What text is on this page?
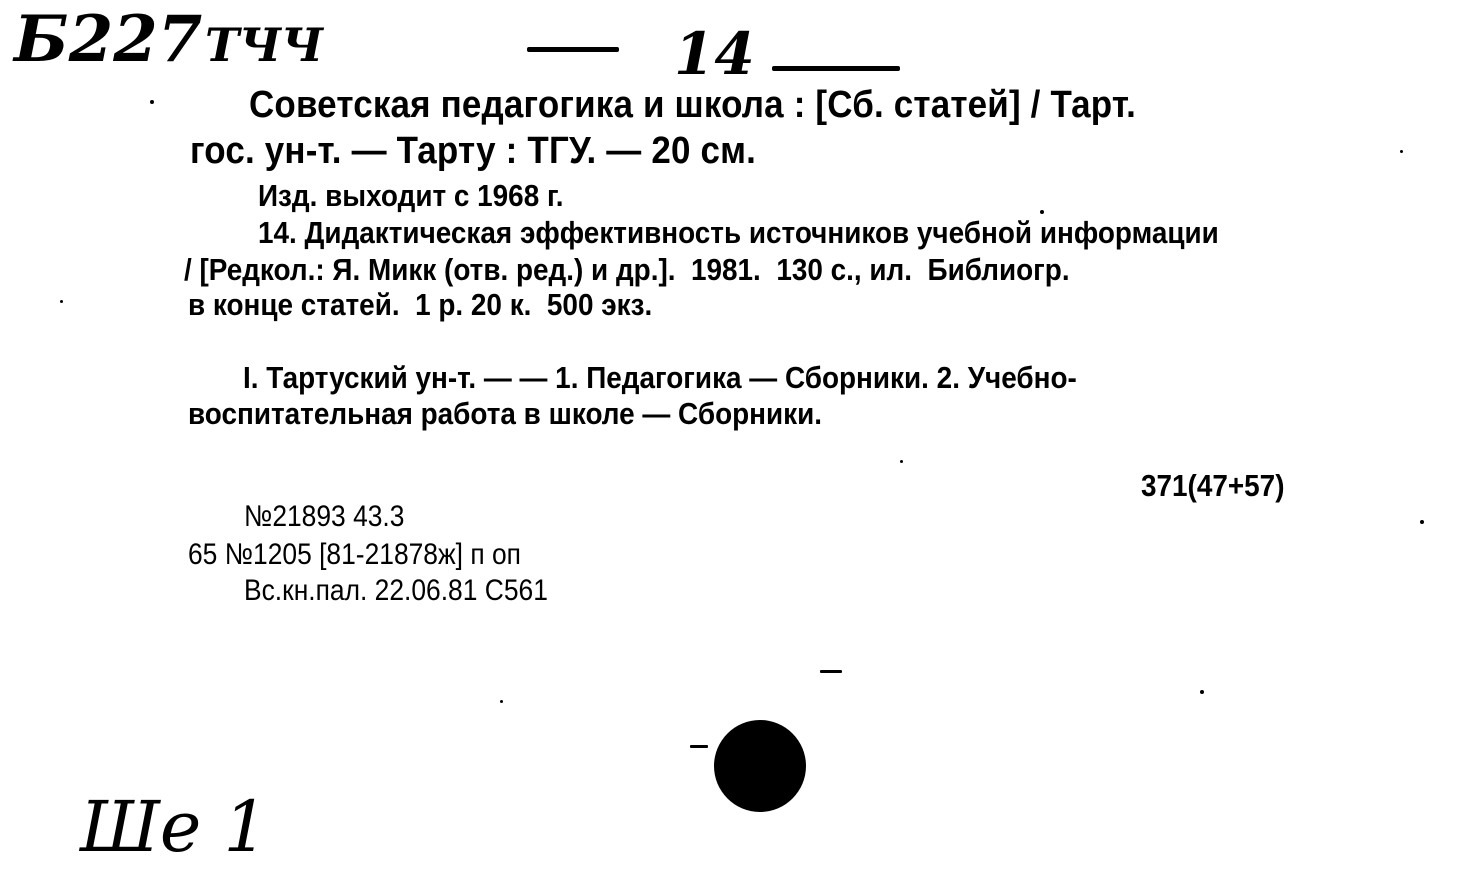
Б227 ТЧЧ	14
Советская педагогика и школа : [Сб. статей] / Тарт.
гос. ун-т. — Тарту : ТГУ. — 20 см.
Изд. выходит с 1968 г.
14. Дидактическая эффективность источников учебной информации
/ [Редкол.: Я. Микк (отв. ред.) и др.].  1981.  130 с., ил.  Библиогр.
в конце статей.  1 р. 20 к.  500 экз.
I. Тартуский ун-т. — — 1. Педагогика — Сборники. 2. Учебно-
воспитательная работа в школе — Сборники.
371(47+57)
№21893 43.3
65 №1205 [81-21878ж] п оп
Вс.кн.пал. 22.06.81 С561
Ше 1
